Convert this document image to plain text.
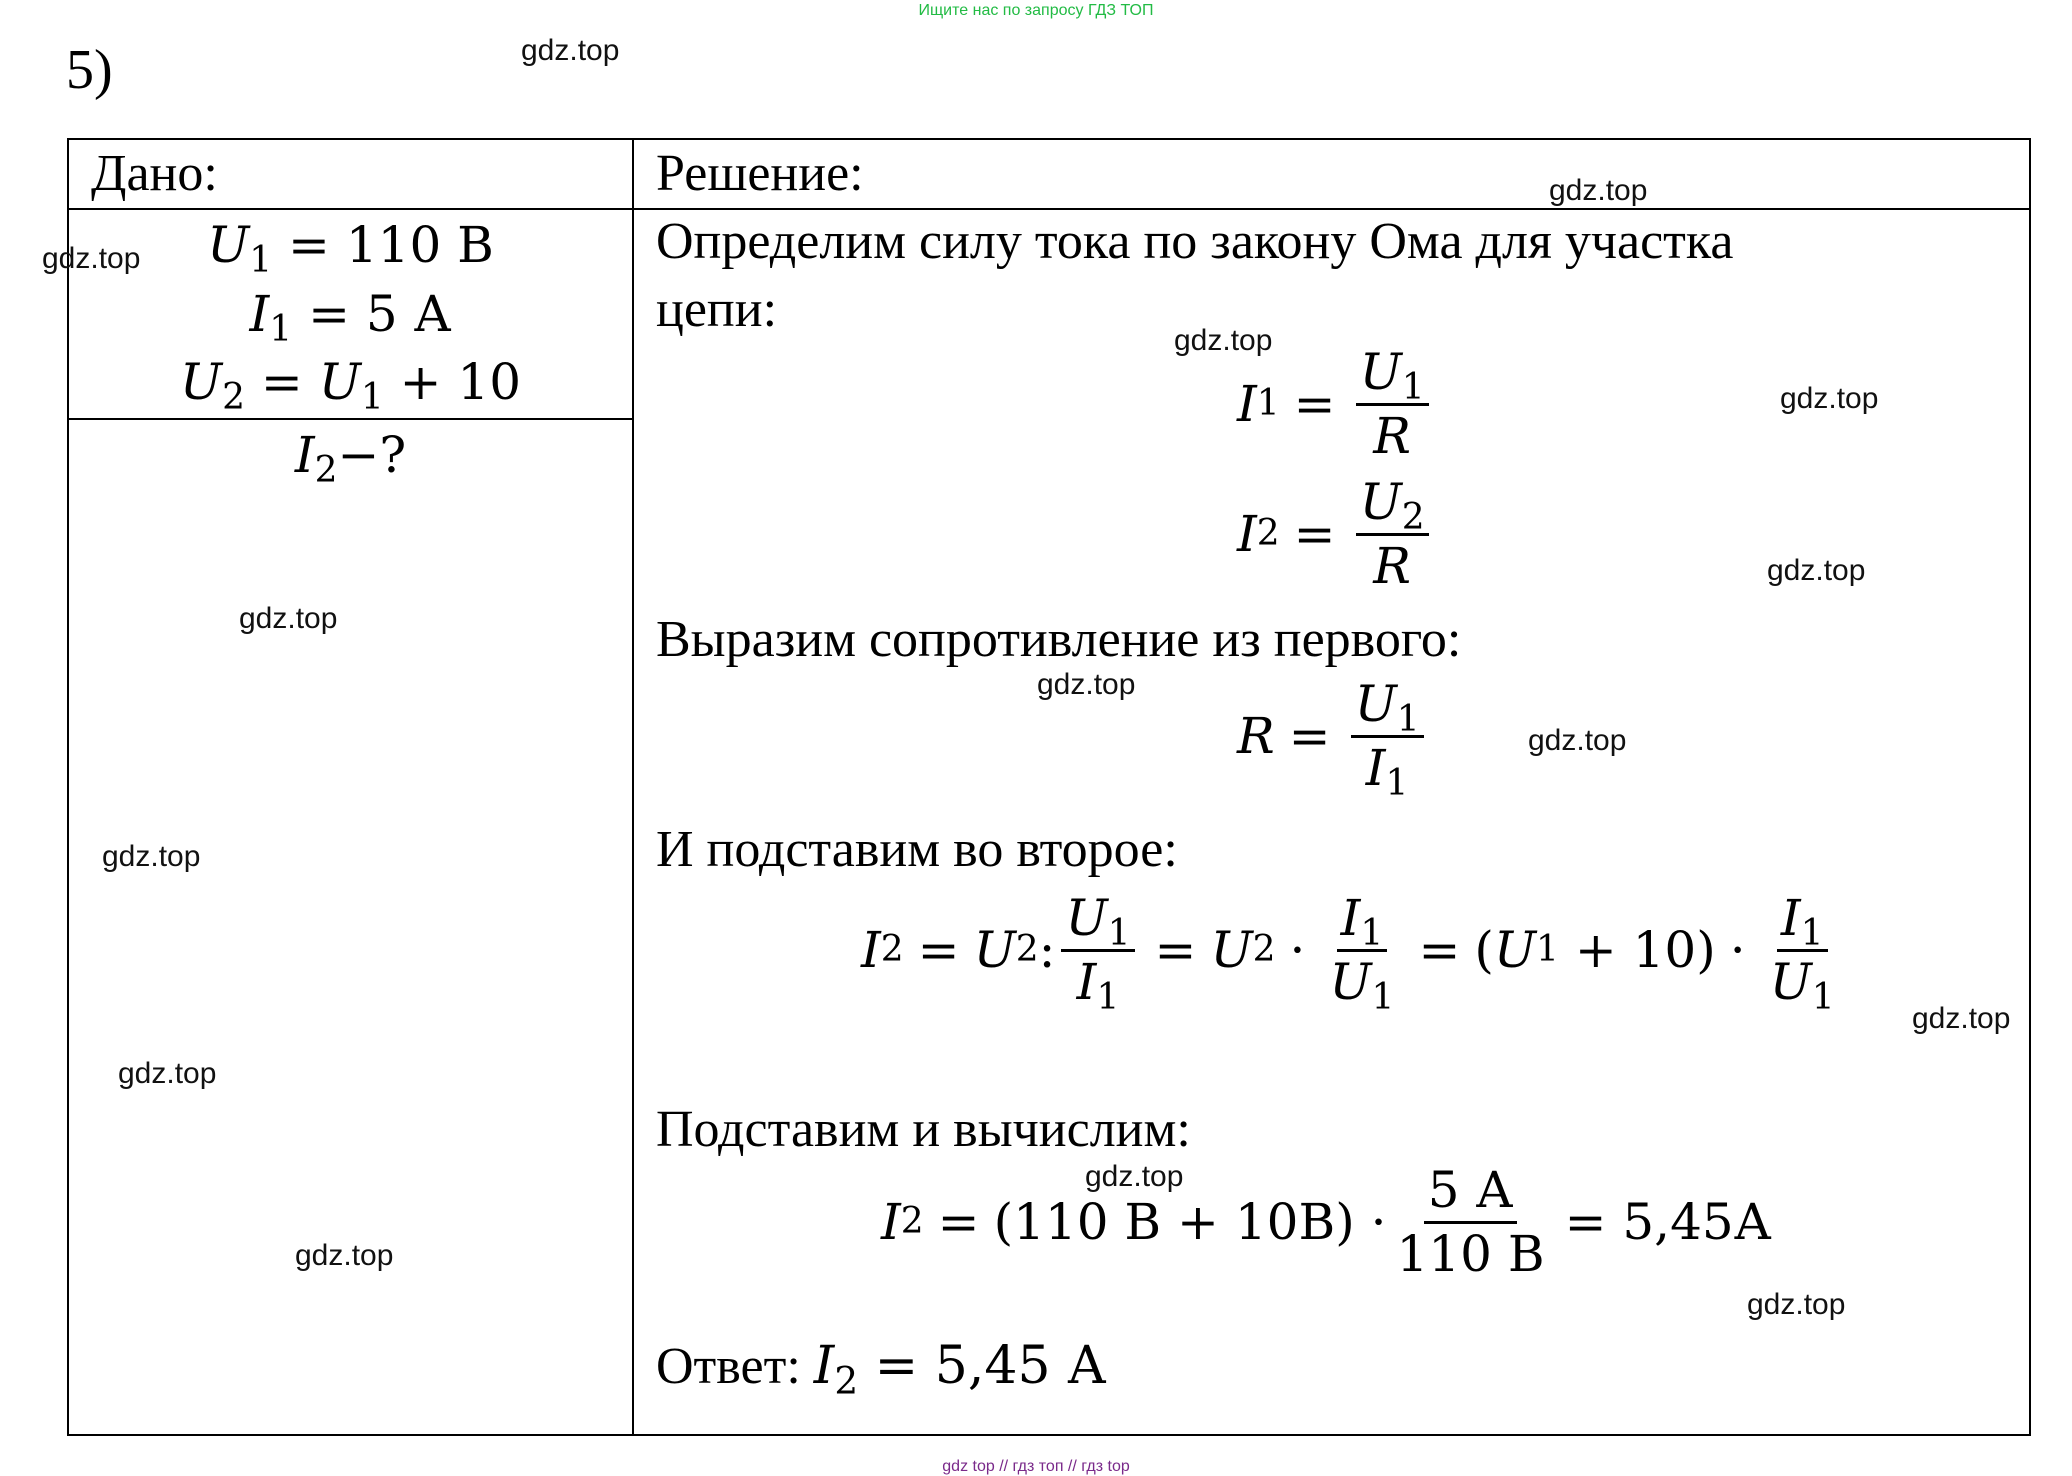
Ищите нас по запросу ГДЗ ТОП
5)
Дано:	Решение:
$U_1 = 110$ В
$I_1 = 5$ А
$U_2 = U_1 + 10$
$I_2-$?
Определим силу тока по закону Ома для участка
цепи:
I $1 = \frac{U_1}{R}$
I $2 = \frac{U_2}{R}$
Выразим сопротивление из первого:
$R = \frac{U_1}{I_1}$
И подставим во второе:
I 2 = U 2 : $\frac{U_1}{I_1} = U$ $2 \cdot \frac{I_1}{U_1}$ = ( U 1
+ $10) \cdot \frac{I_1}{U_1}$
Подставим и вычислим:
I 2 = (110 $В + 10В) \cdot \frac{5 А}{110 В} = 5,45А$
Ответ: $I_2 = 5,45$ А
gdz.top
gdz.top
gdz.top
gdz.top
gdz.top
gdz.top
gdz.top
gdz.top
gdz.top
gdz.top
gdz.top
gdz.top
gdz.top
gdz.top
gdz.top
gdz top // гдз топ // гдз top
